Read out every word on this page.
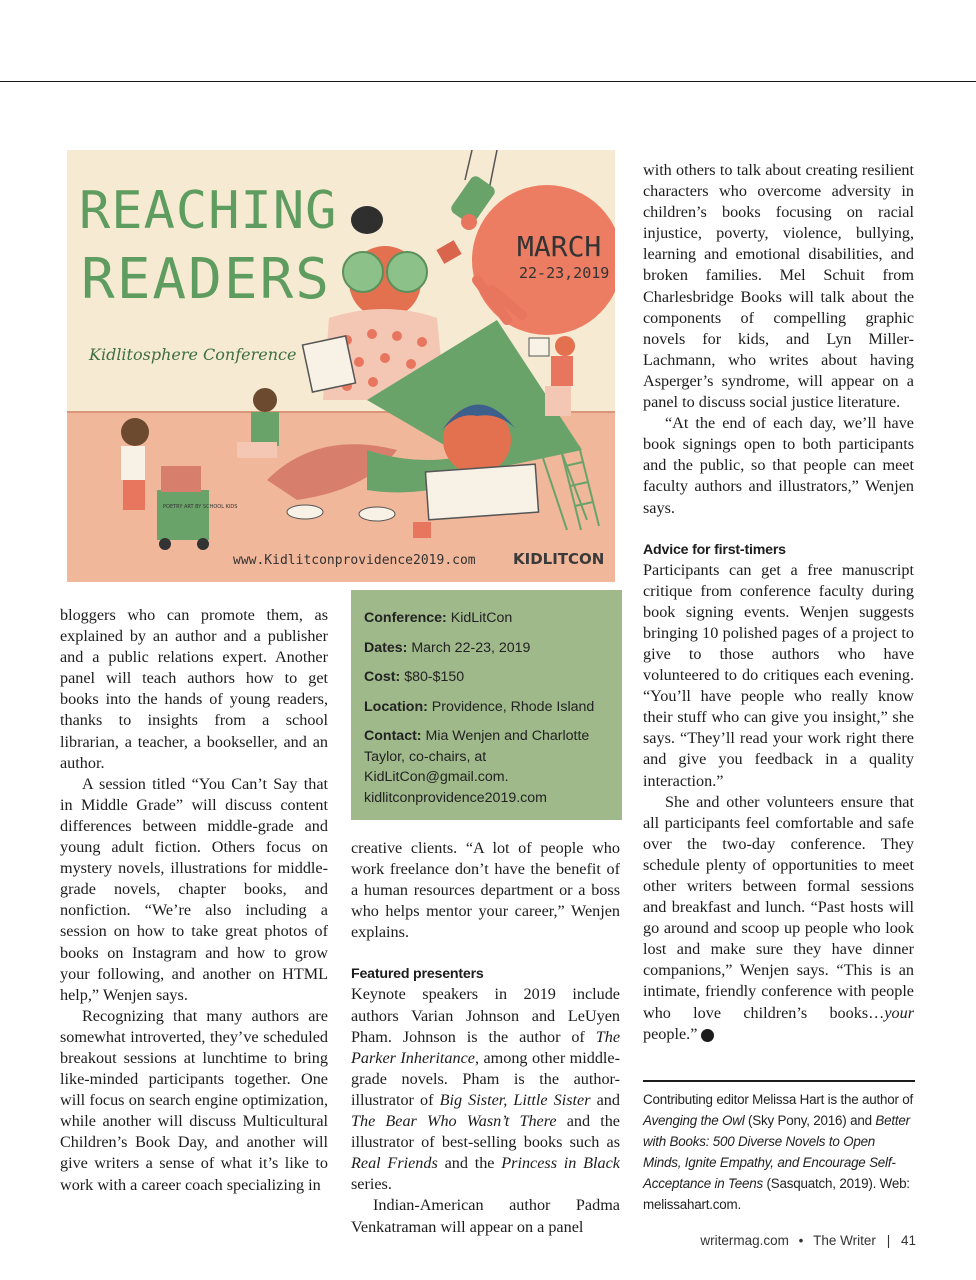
REACHING
READERS
Kidlitosphere Conference
MARCH
22-23,2019
POETRY ART BY SCHOOL KIDS
www.Kidlitconprovidence2019.com KIDLITCON

bloggers who can promote them, as explained by an author and a publisher and a public relations expert. Another panel will teach authors how to get books into the hands of young readers, thanks to insights from a school librarian, a teacher, a bookseller, and an author.

A session titled “You Can’t Say that in Middle Grade” will discuss content differences between middle-grade and young adult fiction. Others focus on mystery novels, illustrations for middle-grade novels, chapter books, and nonfiction. “We’re also including a session on how to take great photos of books on Instagram and how to grow your following, and another on HTML help,” Wenjen says.

Recognizing that many authors are somewhat introverted, they’ve scheduled breakout sessions at lunchtime to bring like-minded participants together. One will focus on search engine optimization, while another will discuss Multicultural Children’s Book Day, and another will give writers a sense of what it’s like to work with a career coach specializing in

Conference: KidLitCon

Dates: March 22-23, 2019

Cost: $80-$150

Location: Providence, Rhode Island

Contact: Mia Wenjen and Charlotte Taylor, co-chairs, at KidLitCon@gmail.com. kidlitconprovidence2019.com

creative clients. “A lot of people who work freelance don’t have the benefit of a human resources department or a boss who helps mentor your career,” Wenjen explains.

Featured presenters

Keynote speakers in 2019 include authors Varian Johnson and LeUyen Pham. Johnson is the author of The Parker Inheritance, among other middle-grade novels. Pham is the author-illustrator of Big Sister, Little Sister and The Bear Who Wasn’t There and the illustrator of best-selling books such as Real Friends and the Princess in Black series.

Indian-American author Padma Venkatraman will appear on a panel

with others to talk about creating resilient characters who overcome adversity in children’s books focusing on racial injustice, poverty, violence, bullying, learning and emotional disabilities, and broken families. Mel Schuit from Charlesbridge Books will talk about the components of compelling graphic novels for kids, and Lyn Miller-Lachmann, who writes about having Asperger’s syndrome, will appear on a panel to discuss social justice literature.

“At the end of each day, we’ll have book signings open to both participants and the public, so that people can meet faculty authors and illustrators,” Wenjen says.

Advice for first-timers

Participants can get a free manuscript critique from conference faculty during book signing events. Wenjen suggests bringing 10 polished pages of a project to give to those authors who have volunteered to do critiques each evening. “You’ll have people who really know their stuff who can give you insight,” she says. “They’ll read your work right there and give you feedback in a quality interaction.”

She and other volunteers ensure that all participants feel comfortable and safe over the two-day conference. They schedule plenty of opportunities to meet other writers between formal sessions and breakfast and lunch. “Past hosts will go around and scoop up people who look lost and make sure they have dinner companions,” Wenjen says. “This is an intimate, friendly conference with people who love children’s books…your people.”	W

Contributing editor Melissa Hart is the author of Avenging the Owl (Sky Pony, 2016) and Better with Books: 500 Diverse Novels to Open Minds, Ignite Empathy, and Encourage Self-Acceptance in Teens (Sasquatch, 2019). Web: melissahart.com.
writermag.com • The Writer | 41
